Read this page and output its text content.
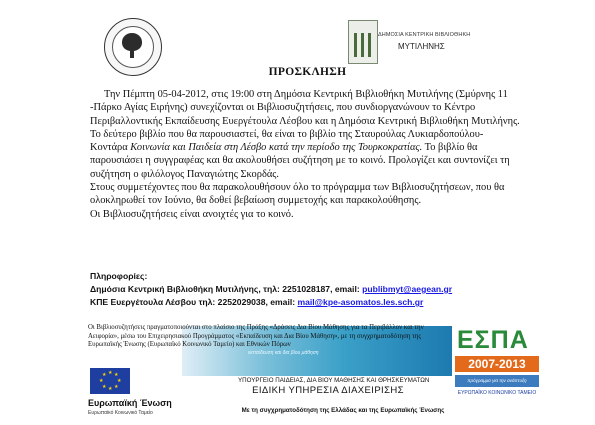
ΔΗΜΟΣΙΑ ΚΕΝΤΡΙΚΗ ΒΙΒΛΙΟΘΗΚΗ
ΜΥΤΙΛΗΝΗΣ
ΠΡΟΣΚΛΗΣΗ

Την Πέμπτη 05-04-2012, στις 19:00 στη Δημόσια Κεντρική Βιβλιοθήκη Μυτιλήνης (Σμύρνης 11 -Πάρκο Αγίας Ειρήνης) συνεχίζονται οι Βιβλιοσυζητήσεις, που συνδιοργανώνουν το Κέντρο Περιβαλλοντικής Εκπαίδευσης Ευεργέτουλα Λέσβου και η Δημόσια Κεντρική Βιβλιοθήκη Μυτιλήνης. Το δεύτερο βιβλίο που θα παρουσιαστεί, θα είναι το βιβλίο της Σταυρούλας Λυκιαρδοπούλου-Κοντάρα Κοινωνία και Παιδεία στη Λέσβο κατά την περίοδο της Τουρκοκρατίας. Το βιβλίο θα παρουσιάσει η συγγραφέας και θα ακολουθήσει συζήτηση με το κοινό. Προλογίζει και συντονίζει τη συζήτηση ο φιλόλογος Παναγιώτης Σκορδάς.

Στους συμμετέχοντες που θα παρακολουθήσουν όλο το πρόγραμμα των Βιβλιοσυζητήσεων, που θα ολοκληρωθεί τον Ιούνιο, θα δοθεί βεβαίωση συμμετοχής και παρακολούθησης.

Οι Βιβλιοσυζητήσεις είναι ανοιχτές για το κοινό.

Πληροφορίες:
Δημόσια Κεντρική Βιβλιοθήκη Μυτιλήνης, τηλ: 2251028187, email: publibmyt@aegean.gr
ΚΠΕ Ευεργέτουλα Λέσβου τηλ: 2252029038, email: mail@kpe-asomatos.les.sch.gr
εκπαίδευση και δια βίου μάθηση
Οι Βιβλιοσυζητήσεις πραγματοποιούνται στο πλαίσιο της Πράξης «Δράσεις Δια Βίου Μάθησης για τα Περιβάλλον και την Αειφορία», μέσω του Επιχειρησιακού Προγράμματος «Εκπαίδευση και Δια Βίου Μάθηση», με τη συγχρηματοδότηση της Ευρωπαϊκής Ένωσης (Ευρωπαϊκό Κοινωνικό Ταμείο) και Εθνικών Πόρων
★ ★
★
★
★
★
★
★
Ευρωπαϊκή Ένωση
Ευρωπαϊκό Κοινωνικό Ταμείο
ΥΠΟΥΡΓΕΙΟ ΠΑΙΔΕΙΑΣ, ΔΙΑ ΒΙΟΥ ΜΑΘΗΣΗΣ ΚΑΙ ΘΡΗΣΚΕΥΜΑΤΩΝ
ΕΙΔΙΚΗ ΥΠΗΡΕΣΙΑ ΔΙΑΧΕΙΡΙΣΗΣ
Με τη συγχρηματοδότηση της Ελλάδας και της Ευρωπαϊκής Ένωσης
ΕΣΠΑ
2007-2013
πρόγραμμα για την ανάπτυξη
ΕΥΡΩΠΑΪΚΟ ΚΟΙΝΩΝΙΚΟ ΤΑΜΕΙΟ
